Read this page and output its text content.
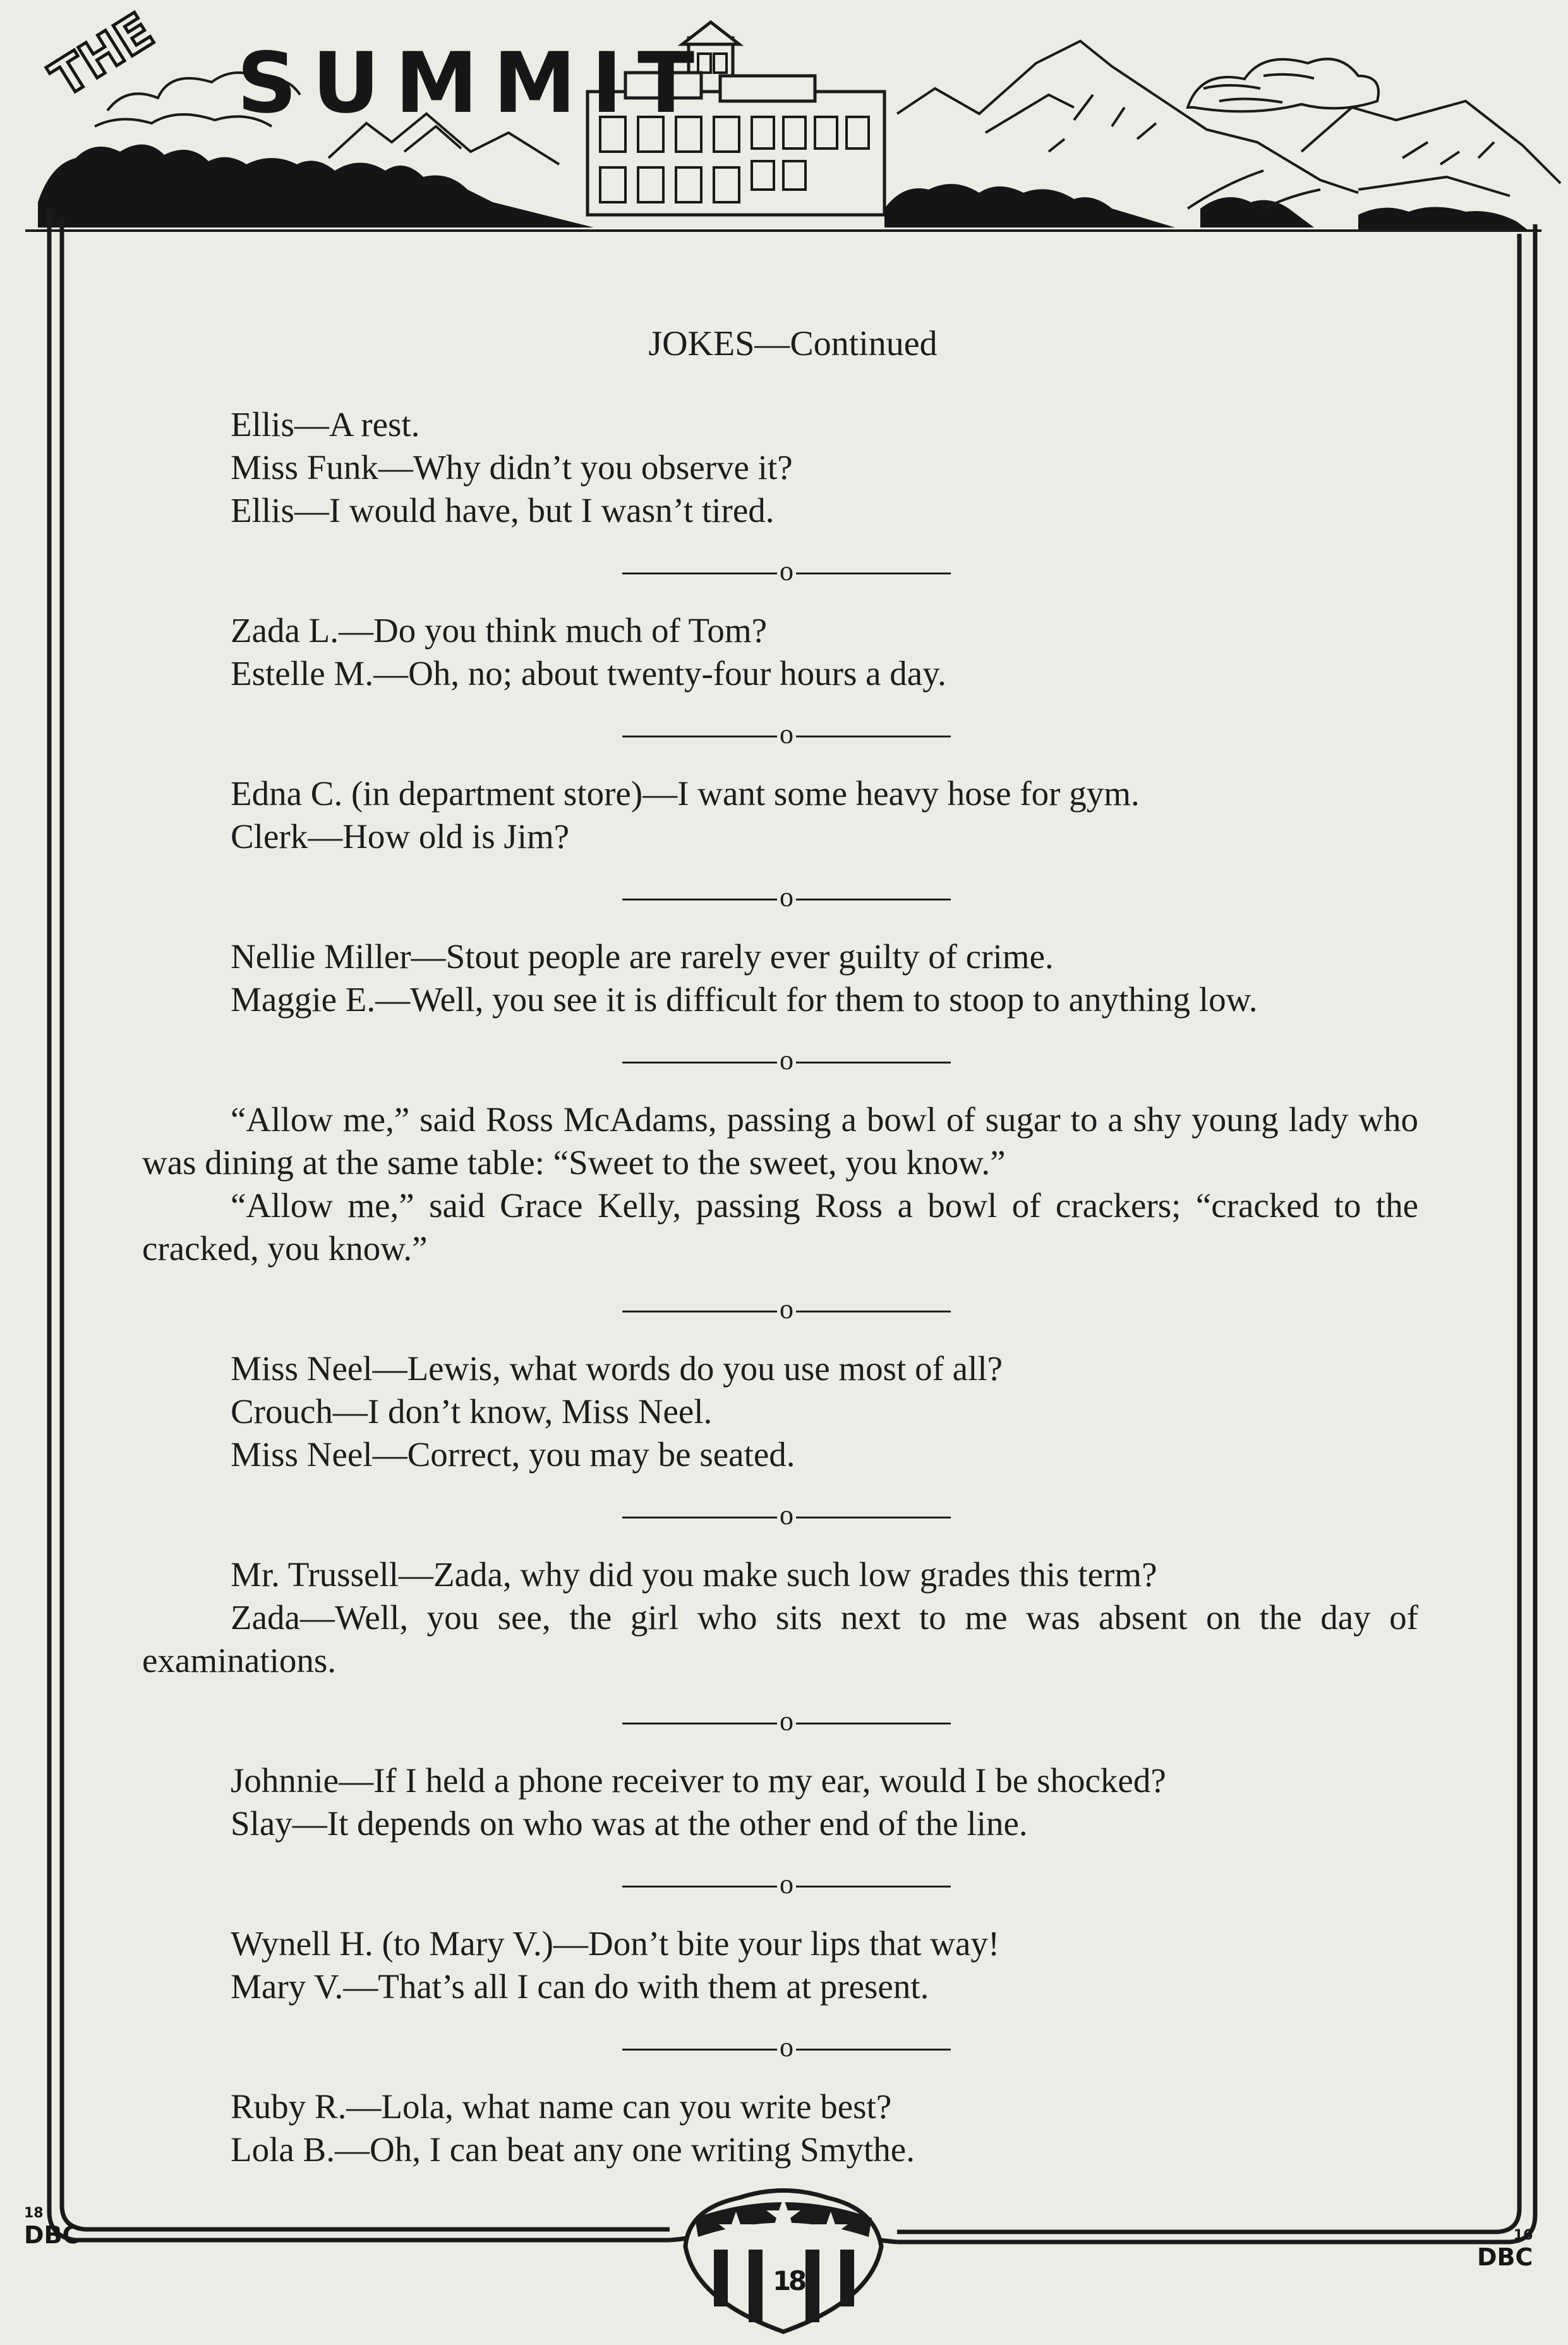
THE SUMMIT
1
8
18
DBC	16
DBC
JOKES—Continued
Ellis—A rest.
Miss Funk—Why didn’t you observe it?
Ellis—I would have, but I wasn’t tired.
o
Zada L.—Do you think much of Tom?
Estelle M.—Oh, no; about twenty-four hours a day.
o
Edna C. (in department store)—I want some heavy hose for gym.
Clerk—How old is Jim?
o
Nellie Miller—Stout people are rarely ever guilty of crime.
Maggie E.—Well, you see it is difficult for them to stoop to anything low.
o
“Allow me,” said Ross McAdams, passing a bowl of sugar to a shy young lady who was dining at the same table: “Sweet to the sweet, you know.”
“Allow me,” said Grace Kelly, passing Ross a bowl of crackers; “cracked to the cracked, you know.”
o
Miss Neel—Lewis, what words do you use most of all?
Crouch—I don’t know, Miss Neel.
Miss Neel—Correct, you may be seated.
o
Mr. Trussell—Zada, why did you make such low grades this term?
Zada—Well, you see, the girl who sits next to me was absent on the day of examinations.
o
Johnnie—If I held a phone receiver to my ear, would I be shocked?
Slay—It depends on who was at the other end of the line.
o
Wynell H. (to Mary V.)—Don’t bite your lips that way!
Mary V.—That’s all I can do with them at present.
o
Ruby R.—Lola, what name can you write best?
Lola B.—Oh, I can beat any one writing Smythe.
